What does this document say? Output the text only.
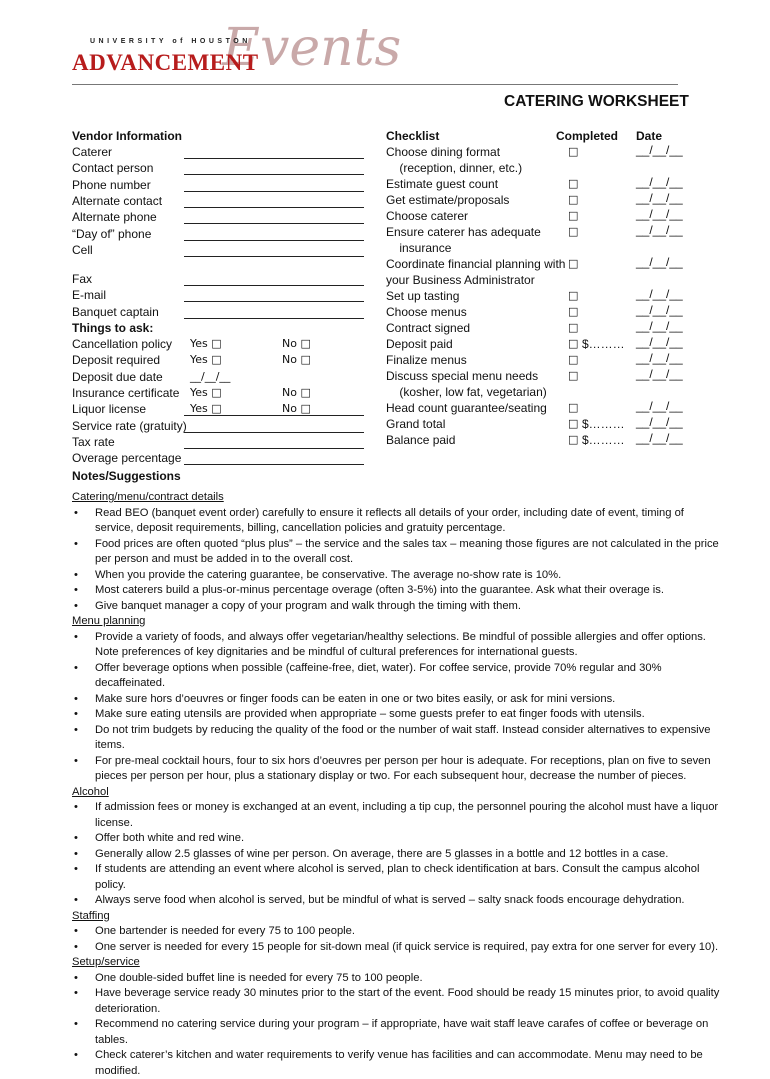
Events
UNIVERSITY of HOUSTON
ADVANCEMENT
CATERING WORKSHEET
Vendor Information
Caterer
Contact person
Phone number
Alternate contact
Alternate phone
“Day of” phone
Cell
Fax
E-mail
Banquet captain
Things to ask:
Cancellation policy Yes □	No □
Deposit required	Yes □	No □
Deposit due date __/__/__
Insurance certificate Yes □	No □
Liquor license	Yes □	No □
Service rate (gratuity)
Tax rate
Overage percentage
Notes/Suggestions
Checklist	Completed Date
Choose dining format	□	__/__/__
(reception, dinner, etc.)
Estimate guest count	□	__/__/__
Get estimate/proposals	□	__/__/__
Choose caterer	□	__/__/__
Ensure caterer has adequate □	__/__/__
insurance
Coordinate financial planning with □	__/__/__
your Business Administrator
Set up tasting	□	__/__/__
Choose menus	□	__/__/__
Contract signed	□	__/__/__
Deposit paid	□ $……… __/__/__
Finalize menus	□	__/__/__
Discuss special menu needs	□	__/__/__
(kosher, low fat, vegetarian)
Head count guarantee/seating □	__/__/__
Grand total	□ $……… __/__/__
Balance paid	□ $……… __/__/__
Catering/menu/contract details
• Read BEO (banquet event order) carefully to ensure it reflects all details of your order, including date of event, timing of service, deposit requirements, billing, cancellation policies and gratuity percentage.
• Food prices are often quoted “plus plus” – the service and the sales tax – meaning those figures are not calculated in the price per person and must be added in to the overall cost.
• When you provide the catering guarantee, be conservative. The average no-show rate is 10%.
• Most caterers build a plus-or-minus percentage overage (often 3-5%) into the guarantee. Ask what their overage is.
• Give banquet manager a copy of your program and walk through the timing with them.
Menu planning
• Provide a variety of foods, and always offer vegetarian/healthy selections. Be mindful of possible allergies and offer options. Note preferences of key dignitaries and be mindful of cultural preferences for international guests.
• Offer beverage options when possible (caffeine-free, diet, water). For coffee service, provide 70% regular and 30% decaffeinated.
• Make sure hors d’oeuvres or finger foods can be eaten in one or two bites easily, or ask for mini versions.
• Make sure eating utensils are provided when appropriate – some guests prefer to eat finger foods with utensils.
• Do not trim budgets by reducing the quality of the food or the number of wait staff. Instead consider alternatives to expensive items.
• For pre-meal cocktail hours, four to six hors d’oeuvres per person per hour is adequate. For receptions, plan on five to seven pieces per person per hour, plus a stationary display or two. For each subsequent hour, decrease the number of pieces.
Alcohol
• If admission fees or money is exchanged at an event, including a tip cup, the personnel pouring the alcohol must have a liquor license.
• Offer both white and red wine.
• Generally allow 2.5 glasses of wine per person. On average, there are 5 glasses in a bottle and 12 bottles in a case.
• If students are attending an event where alcohol is served, plan to check identification at bars. Consult the campus alcohol policy.
• Always serve food when alcohol is served, but be mindful of what is served – salty snack foods encourage dehydration.
Staffing
• One bartender is needed for every 75 to 100 people.
• One server is needed for every 15 people for sit-down meal (if quick service is required, pay extra for one server for every 10).
Setup/service
• One double-sided buffet line is needed for every 75 to 100 people.
• Have beverage service ready 30 minutes prior to the start of the event. Food should be ready 15 minutes prior, to avoid quality deterioration.
• Recommend no catering service during your program – if appropriate, have wait staff leave carafes of coffee or beverage on tables.
• Check caterer’s kitchen and water requirements to verify venue has facilities and can accommodate. Menu may need to be modified.
